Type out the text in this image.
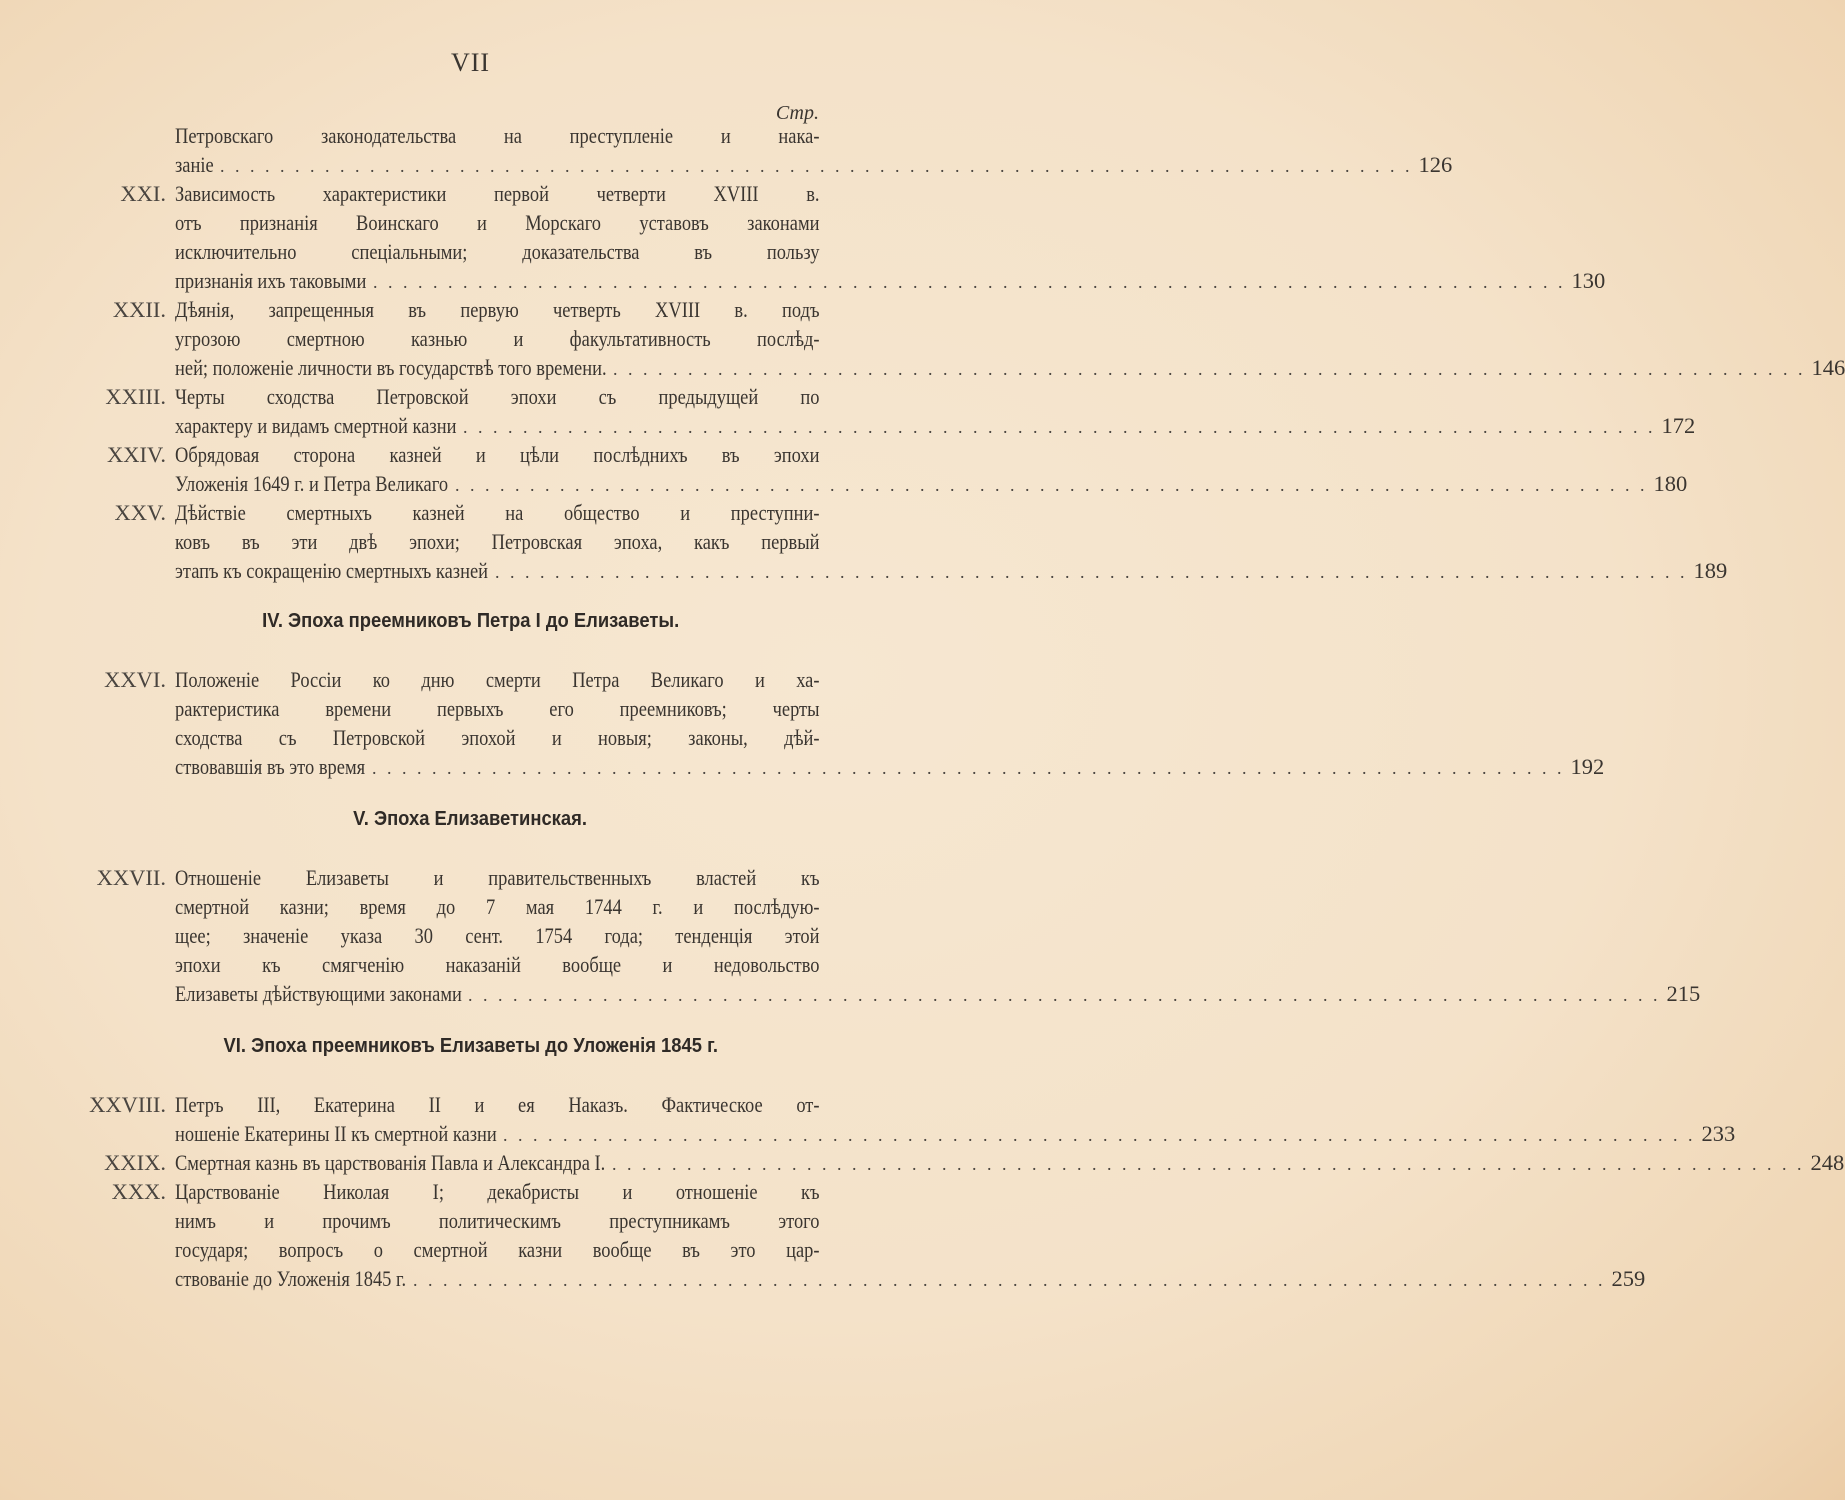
VII
Стр.
Петровскаго законодательства на преступленіе и нака-
заніе . . . . . . . . . . . . . . . . . . . . . . . . . . . . . . . . . . . . . . . . . . . . . . . . . . . . . . . . . . . . . . . . . . . . . . . . . . . . . . . . 126
XXI. Зависимость характеристики первой четверти XVIII в.
отъ признанія Воинскаго и Морскаго уставовъ законами
исключительно спеціальными; доказательства въ пользу
признанія ихъ таковыми . . . . . . . . . . . . . . . . . . . . . . . . . . . . . . . . . . . . . . . . . . . . . . . . . . . . . . . . . . . . . . . . . . . . . . . . . . . . . . . . 130
XXII. Дѣянія, запрещенныя въ первую четверть XVIII в. подъ
угрозою смертною казнью и факультативность послѣд-
ней; положеніе личности въ государствѣ того времени. . . . . . . . . . . . . . . . . . . . . . . . . . . . . . . . . . . . . . . . . . . . . . . . . . . . . . . . . . . . . . . . . . . . . . . . . . . . . . . . . 146
XXIII. Черты сходства Петровской эпохи съ предыдущей по
характеру и видамъ смертной казни . . . . . . . . . . . . . . . . . . . . . . . . . . . . . . . . . . . . . . . . . . . . . . . . . . . . . . . . . . . . . . . . . . . . . . . . . . . . . . . . 172
XXIV. Обрядовая сторона казней и цѣли послѣднихъ въ эпохи
Уложенія 1649 г. и Петра Великаго . . . . . . . . . . . . . . . . . . . . . . . . . . . . . . . . . . . . . . . . . . . . . . . . . . . . . . . . . . . . . . . . . . . . . . . . . . . . . . . . 180
XXV. Дѣйствіе смертныхъ казней на общество и преступни-
ковъ въ эти двѣ эпохи; Петровская эпоха, какъ первый
этапъ къ сокращенію смертныхъ казней . . . . . . . . . . . . . . . . . . . . . . . . . . . . . . . . . . . . . . . . . . . . . . . . . . . . . . . . . . . . . . . . . . . . . . . . . . . . . . . . 189
IV. Эпоха преемниковъ Петра I до Елизаветы.
XXVI. Положеніе Россіи ко дню смерти Петра Великаго и ха-
рактеристика времени первыхъ его преемниковъ; черты
сходства съ Петровской эпохой и новыя; законы, дѣй-
ствовавшія въ это время . . . . . . . . . . . . . . . . . . . . . . . . . . . . . . . . . . . . . . . . . . . . . . . . . . . . . . . . . . . . . . . . . . . . . . . . . . . . . . . . 192
V. Эпоха Елизаветинская.
XXVII. Отношеніе Елизаветы и правительственныхъ властей къ
смертной казни; время до 7 мая 1744 г. и послѣдую-
щее; значеніе указа 30 сент. 1754 года; тенденція этой
эпохи къ смягченію наказаній вообще и недовольство
Елизаветы дѣйствующими законами . . . . . . . . . . . . . . . . . . . . . . . . . . . . . . . . . . . . . . . . . . . . . . . . . . . . . . . . . . . . . . . . . . . . . . . . . . . . . . . . 215
VI. Эпоха преемниковъ Елизаветы до Уложенія 1845 г.
XXVIII. Петръ III, Екатерина II и ея Наказъ. Фактическое от-
ношеніе Екатерины II къ смертной казни . . . . . . . . . . . . . . . . . . . . . . . . . . . . . . . . . . . . . . . . . . . . . . . . . . . . . . . . . . . . . . . . . . . . . . . . . . . . . . . . 233
XXIX. Смертная казнь въ царствованія Павла и Александра I. . . . . . . . . . . . . . . . . . . . . . . . . . . . . . . . . . . . . . . . . . . . . . . . . . . . . . . . . . . . . . . . . . . . . . . . . . . . . . . . . 248
XXX. Царствованіе Николая I; декабристы и отношеніе къ
нимъ и прочимъ политическимъ преступникамъ этого
государя; вопросъ о смертной казни вообще въ это цар-
ствованіе до Уложенія 1845 г. . . . . . . . . . . . . . . . . . . . . . . . . . . . . . . . . . . . . . . . . . . . . . . . . . . . . . . . . . . . . . . . . . . . . . . . . . . . . . . . . 259
